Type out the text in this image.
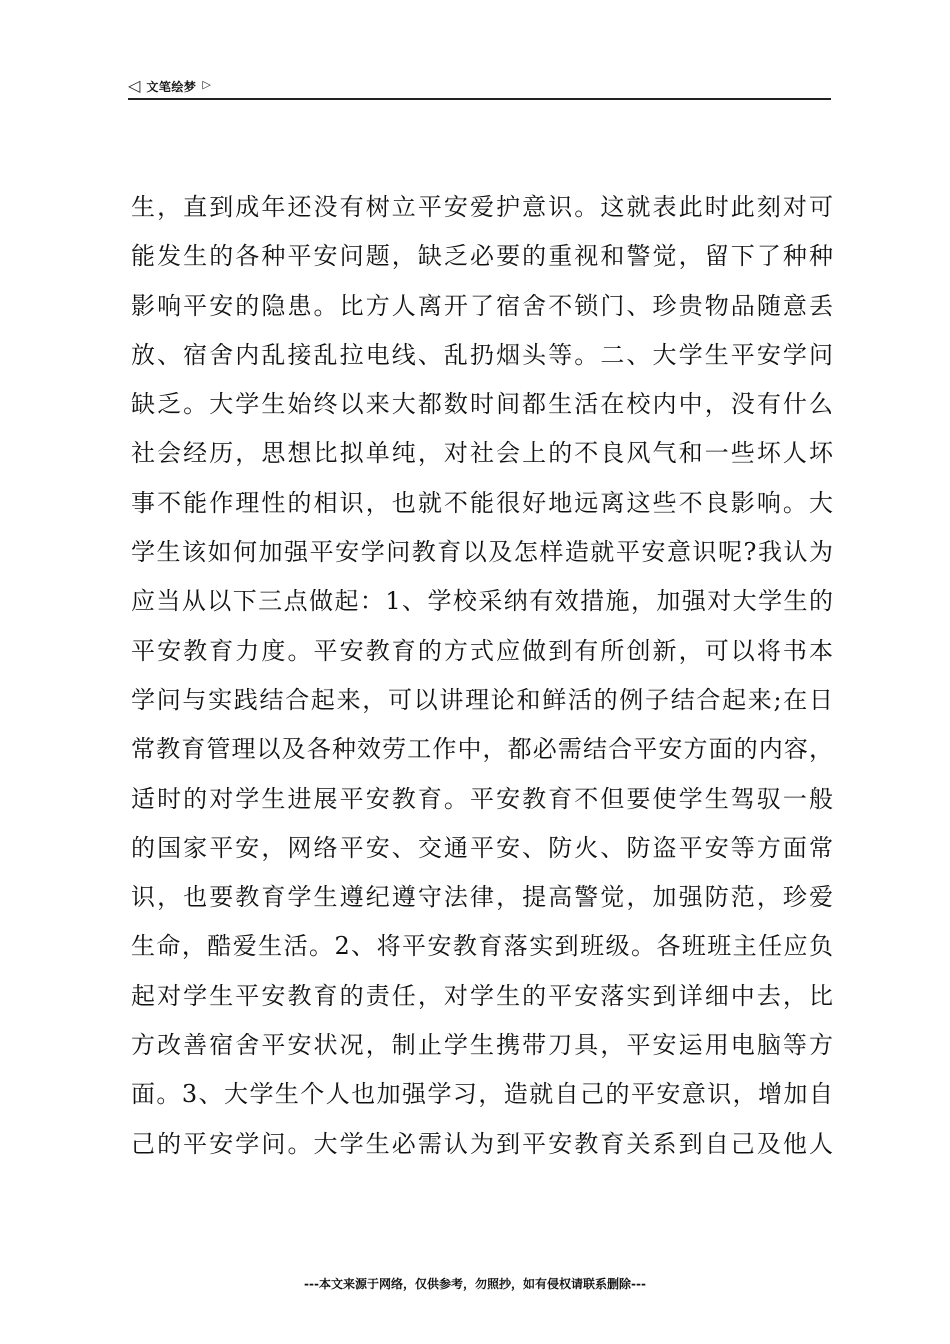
◁ 文笔绘梦 ▷
生，直到成年还没有树立平安爱护意识。这就表此时此刻对可
能发生的各种平安问题，缺乏必要的重视和警觉，留下了种种
影响平安的隐患。比方人离开了宿舍不锁门、珍贵物品随意丢
放、宿舍内乱接乱拉电线、乱扔烟头等。二、大学生平安学问
缺乏。大学生始终以来大都数时间都生活在校内中，没有什么
社会经历，思想比拟单纯，对社会上的不良风气和一些坏人坏
事不能作理性的相识，也就不能很好地远离这些不良影响。大
学生该如何加强平安学问教育以及怎样造就平安意识呢?我认为
应当从以下三点做起：1、学校采纳有效措施，加强对大学生的
平安教育力度。平安教育的方式应做到有所创新，可以将书本
学问与实践结合起来，可以讲理论和鲜活的例子结合起来;在日
常教育管理以及各种效劳工作中，都必需结合平安方面的内容，
适时的对学生进展平安教育。平安教育不但要使学生驾驭一般
的国家平安，网络平安、交通平安、防火、防盗平安等方面常
识，也要教育学生遵纪遵守法律，提高警觉，加强防范，珍爱
生命，酷爱生活。2、将平安教育落实到班级。各班班主任应负
起对学生平安教育的责任，对学生的平安落实到详细中去，比
方改善宿舍平安状况，制止学生携带刀具，平安运用电脑等方
面。3、大学生个人也加强学习，造就自己的平安意识，增加自
己的平安学问。大学生必需认为到平安教育关系到自己及他人
---本文来源于网络，仅供参考，勿照抄，如有侵权请联系删除---
